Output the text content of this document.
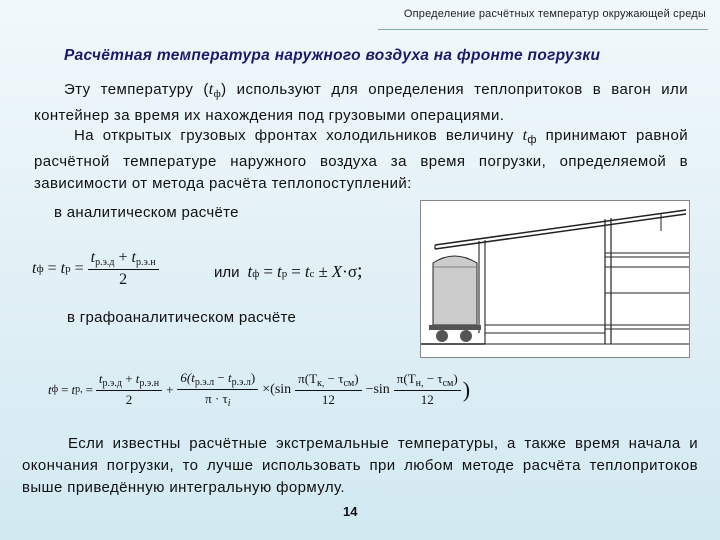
Определение расчётных температур окружающей среды
Расчётная температура наружного воздуха на фронте погрузки
Эту температуру $(t_ф)$ используют для определения теплопритоков в вагон или контейнер за время их нахождения под грузовыми операциями.
На открытых грузовых фронтах холодильников величину $t_ф$ принимают равной расчётной температуре наружного воздуха за время погрузки, определяемой в зависимости от метода расчёта теплопоступлений:
в аналитическом расчёте
t ф = t $р = \frac{t_{р.э.д} + t_{р.э.н}}{2}$	или t ф = t р = t с ± X · σ ;
в графоаналитическом расчёте
t ф = t р, = $\frac{t_{р.э.д} + t_{р.э.н}}{2} + \frac{6(t_{р.э.л} - t_{р.э.л})}{\pi \cdot \tau_i} \times(\sin \frac{\pi(T_{к,} - \tau_{см})}{12} -\sin \frac{\pi(T_{н,} - \tau_{см})}{12}$ )
Если известны расчётные экстремальные температуры, а также время начала и окончания погрузки, то лучше использовать при любом методе расчёта теплопритоков выше приведённую интегральную формулу.
14
